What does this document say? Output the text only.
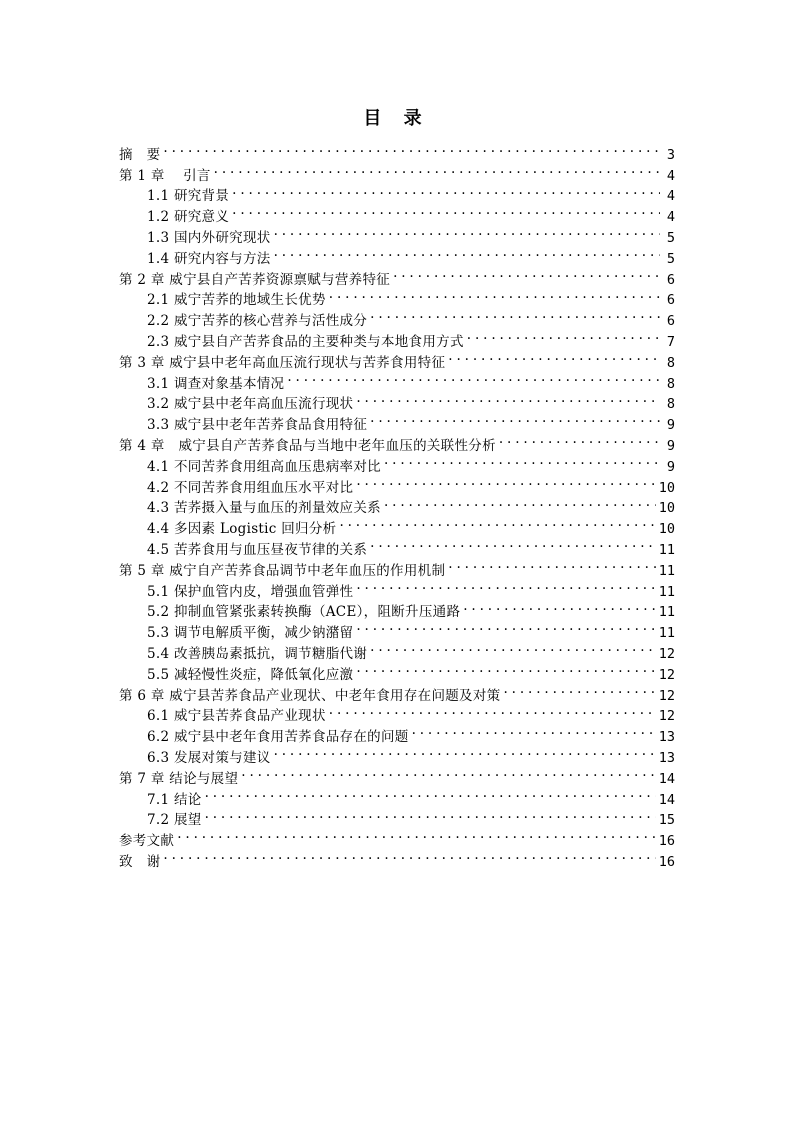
目 录
摘　要 . . .	3
第 1 章　 引言 . . .	4
1.1 研究背景 . . .	4
1.2 研究意义 . . .	4
1.3 国内外研究现状 . . .	5
1.4 研究内容与方法 . . .	5
第 2 章 威宁县自产苦荞资源禀赋与营养特征 . . .	6
2.1 威宁苦荞的地域生长优势 . . .	6
2.2 威宁苦荞的核心营养与活性成分 . . .	6
2.3 威宁县自产苦荞食品的主要种类与本地食用方式 . . .	7
第 3 章 威宁县中老年高血压流行现状与苦荞食用特征 . . .	8
3.1 调查对象基本情况 . . .	8
3.2 威宁县中老年高血压流行现状 . . .	8
3.3 威宁县中老年苦荞食品食用特征 . . .	9
第 4 章　威宁县自产苦荞食品与当地中老年血压的关联性分析 . . .	9
4.1 不同苦荞食用组高血压患病率对比 . . .	9
4.2 不同苦荞食用组血压水平对比 . . .	10
4.3 苦荞摄入量与血压的剂量效应关系 . . .	10
4.4 多因素 Logistic 回归分析 . . .	10
4.5 苦荞食用与血压昼夜节律的关系 . . .	11
第 5 章 威宁自产苦荞食品调节中老年血压的作用机制 . . .	11
5.1 保护血管内皮，增强血管弹性 . . .	11
5.2 抑制血管紧张素转换酶（ACE），阻断升压通路 . . .	11
5.3 调节电解质平衡，减少钠潴留 . . .	11
5.4 改善胰岛素抵抗，调节糖脂代谢 . . .	12
5.5 减轻慢性炎症，降低氧化应激 . . .	12
第 6 章 威宁县苦荞食品产业现状、中老年食用存在问题及对策 . . .	12
6.1 威宁县苦荞食品产业现状 . . .	12
6.2 威宁县中老年食用苦荞食品存在的问题 . . .	13
6.3 发展对策与建议 . . .	13
第 7 章 结论与展望 . . .	14
7.1 结论 . . .	14
7.2 展望 . . .	15
参考文献 . . .	16
致　谢 . . .	16
